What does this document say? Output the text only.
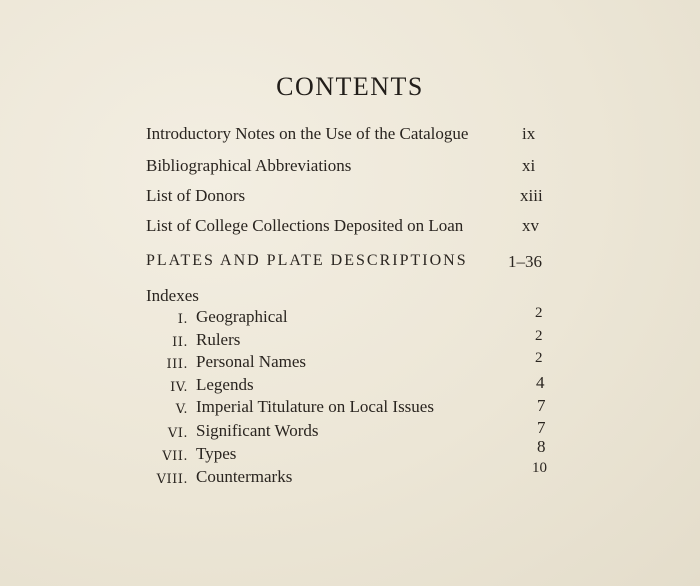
CONTENTS
Introductory Notes on the Use of the Catalogue	ix
Bibliographical Abbreviations	xi
List of Donors	xiii
List of College Collections Deposited on Loan	xv
PLATES AND PLATE DESCRIPTIONS 1–36
Indexes
I. Geographical	2
II. Rulers	2
III. Personal Names	2
IV. Legends	4
V. Imperial Titulature on Local Issues	7
VI. Significant Words	7
VII. Types	8
VIII. Countermarks	10
